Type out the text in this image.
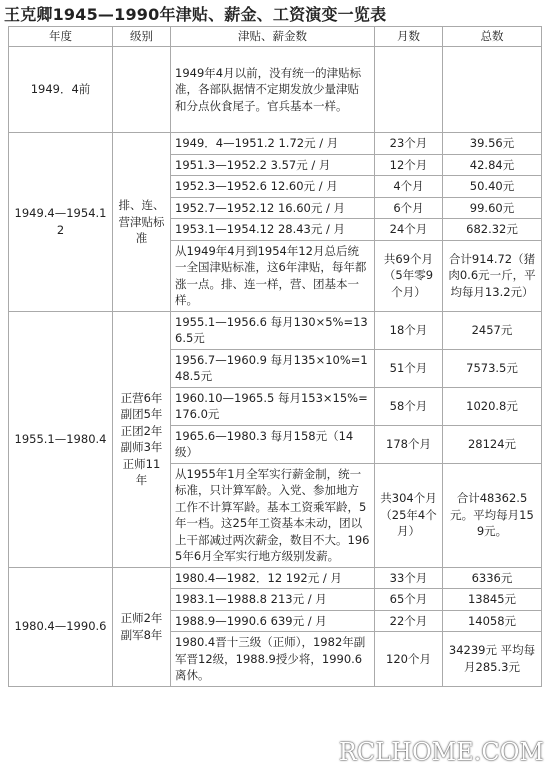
王克卿1945—1990年津贴、薪金、工资演变一览表
年度	级别	津贴、薪金数	月数	总数
1949．4前		1949年4月以前，没有统一的津贴标准，各部队据情不定期发放少量津贴和分点伙食尾子。官兵基本一样。		
1949.4—1954.12	排、连、营津贴标准	1949．4—1951.2 1.72元 / 月	23个月	39.56元
		1951.3—1952.2 3.57元 / 月	12个月	42.84元
		1952.3—1952.6 12.60元 / 月	4个月	50.40元
		1952.7—1952.12 16.60元 / 月	6个月	99.60元
		1953.1—1954.12 28.43元 / 月	24个月	682.32元
		从1949年4月到1954年12月总后统一全国津贴标准，这6年津贴，每年都涨一点。排、连一样，营、团基本一样。	共69个月（5年零9个月）	合计914.72（猪肉0.6元一斤，平均每月13.2元）
1955.1—1980.4	正营6年副团5年正团2年副师3年正师11年	1955.1—1956.6 每月130×5%=136.5元	18个月	2457元
		1956.7—1960.9 每月135×10%=148.5元	51个月	7573.5元
		1960.10—1965.5 每月153×15%=176.0元	58个月	1020.8元
		1965.6—1980.3 每月158元（14级）	178个月	28124元
		从1955年1月全军实行薪金制，统一标准，只计算军龄。入党、参加地方工作不计算军龄。基本工资乘军龄，5年一档。这25年工资基本未动，团以上干部减过两次薪金，数目不大。1965年6月全军实行地方级别发薪。	共304个月（25年4个月）	合计48362.5元。平均每月159元。
1980.4—1990.6	正师2年副军8年	1980.4—1982．12 192元 / 月	33个月	6336元
		1983.1—1988.8 213元 / 月	65个月	13845元
		1988.9—1990.6 639元 / 月	22个月	14058元
		1980.4晋十三级（正师），1982年副军晋12级，1988.9授少将，1990.6离休。	120个月	34239元 平均每月285.3元
RCLHOME.COM
